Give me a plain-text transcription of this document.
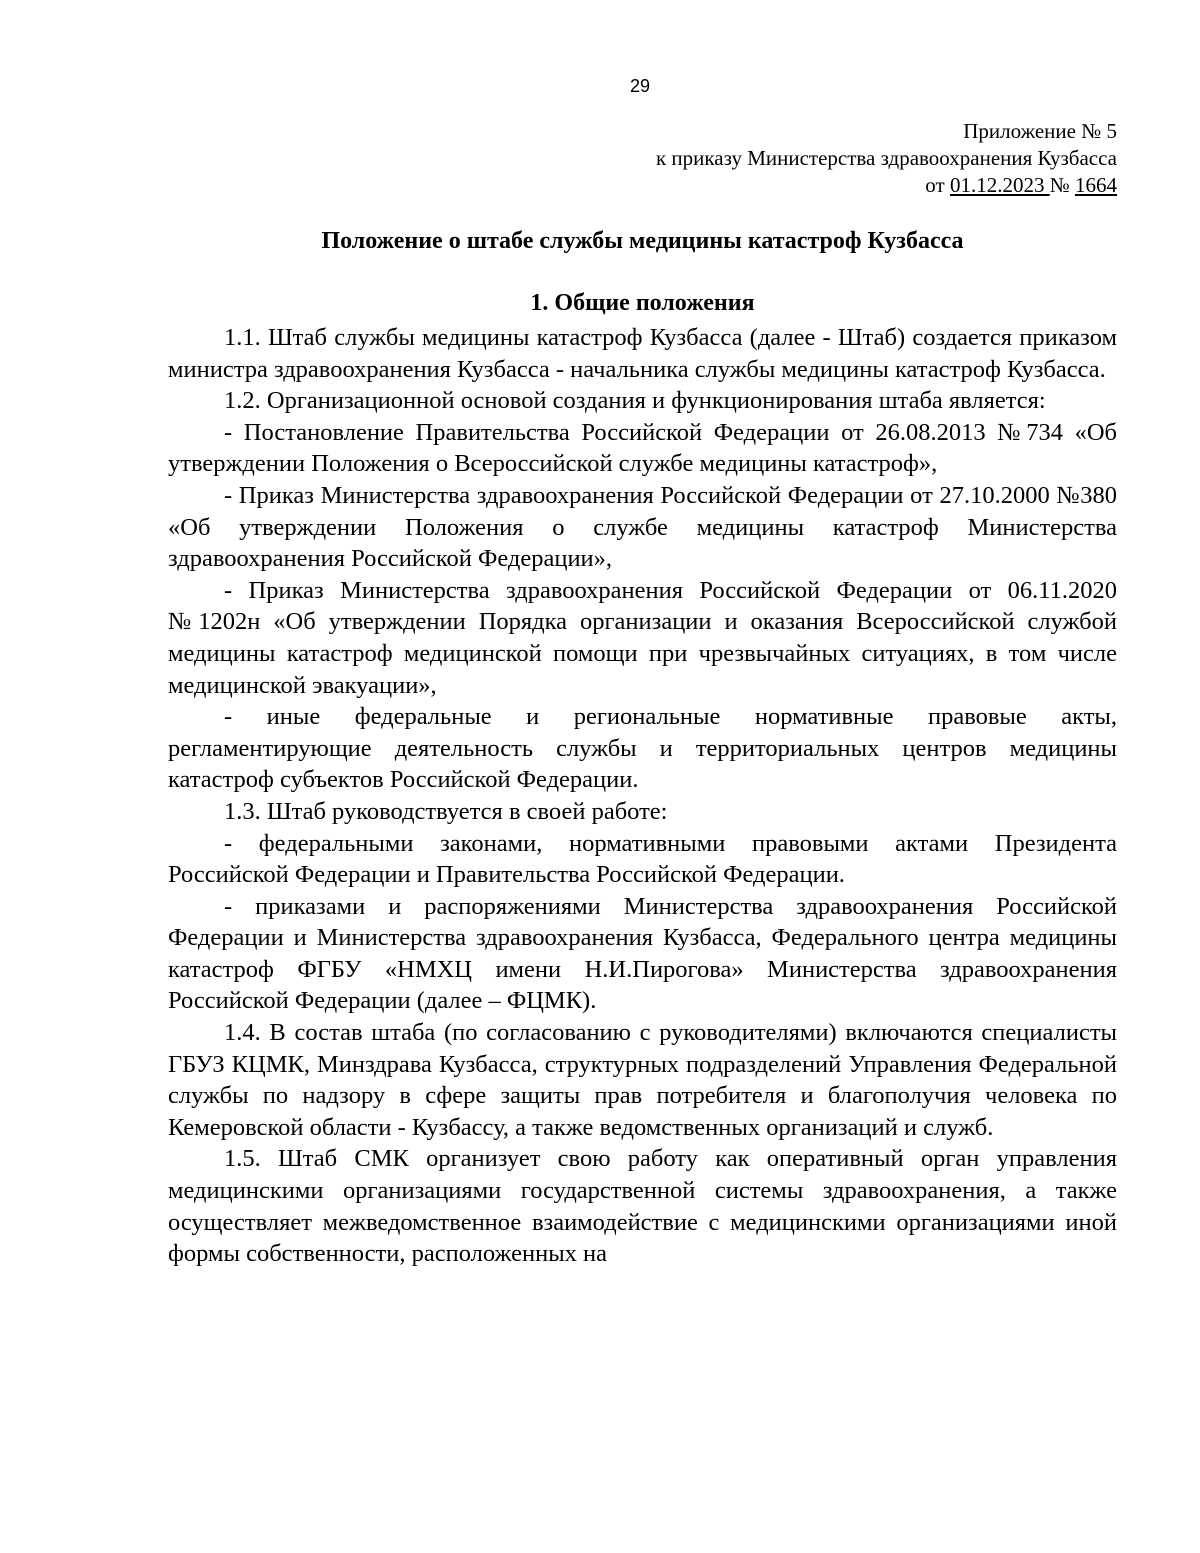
29
Приложение № 5
к приказу Министерства здравоохранения Кузбасса
от 01.12.2023 № 1664
Положение о штабе службы медицины катастроф Кузбасса
1. Общие положения

1.1. Штаб службы медицины катастроф Кузбасса (далее - Штаб) создается приказом министра здравоохранения Кузбасса - начальника службы медицины катастроф Кузбасса.

1.2. Организационной основой создания и функционирования штаба является:

- Постановление Правительства Российской Федерации от 26.08.2013 №734 «Об утверждении Положения о Всероссийской службе медицины катастроф»,

- Приказ Министерства здравоохранения Российской Федерации от 27.10.2000 №380 «Об утверждении Положения о службе медицины катастроф Министерства здравоохранения Российской Федерации»,

- Приказ Министерства здравоохранения Российской Федерации от 06.11.2020 №1202н «Об утверждении Порядка организации и оказания Всероссийской службой медицины катастроф медицинской помощи при чрезвычайных ситуациях, в том числе медицинской эвакуации»,

- иные федеральные и региональные нормативные правовые акты, регламентирующие деятельность службы и территориальных центров медицины катастроф субъектов Российской Федерации.

1.3. Штаб руководствуется в своей работе:

- федеральными законами, нормативными правовыми актами Президента Российской Федерации и Правительства Российской Федерации.

- приказами и распоряжениями Министерства здравоохранения Российской Федерации и Министерства здравоохранения Кузбасса, Федерального центра медицины катастроф ФГБУ «НМХЦ имени Н.И.Пирогова» Министерства здравоохранения Российской Федерации (далее – ФЦМК).

1.4. В состав штаба (по согласованию с руководителями) включаются специалисты ГБУЗ КЦМК, Минздрава Кузбасса, структурных подразделений Управления Федеральной службы по надзору в сфере защиты прав потребителя и благополучия человека по Кемеровской области - Кузбассу, а также ведомственных организаций и служб.

1.5. Штаб СМК организует свою работу как оперативный орган управления медицинскими организациями государственной системы здравоохранения, а также осуществляет межведомственное взаимодействие с медицинскими организациями иной формы собственности, расположенных на
